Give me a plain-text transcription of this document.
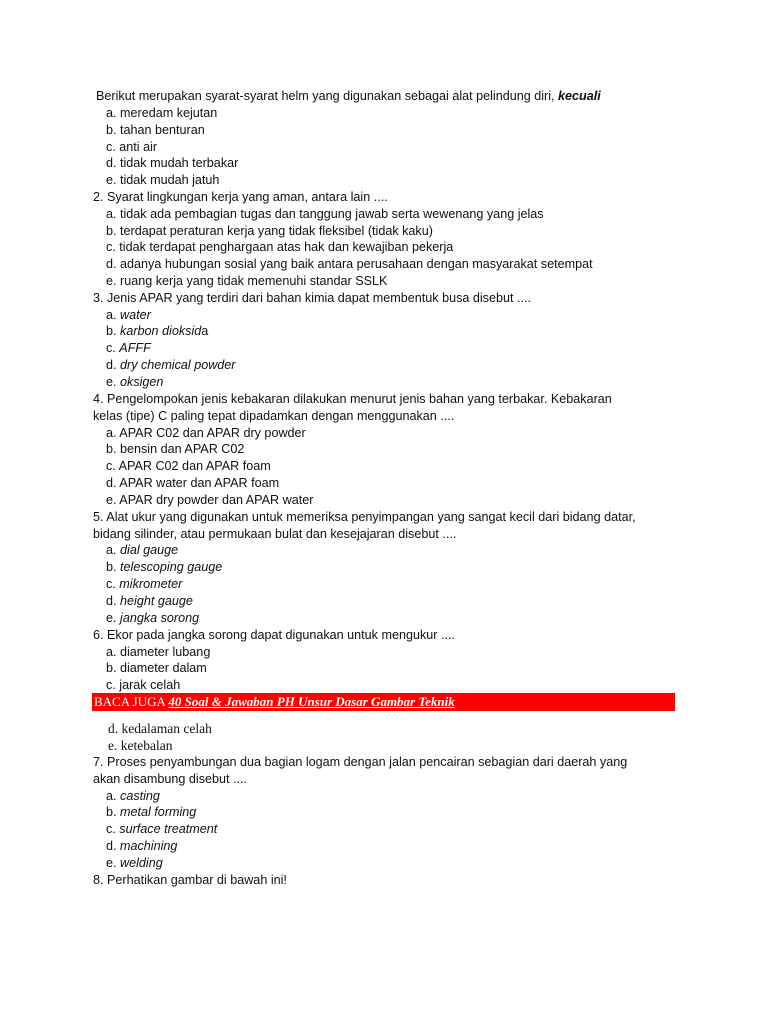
Berikut merupakan syarat-syarat helm yang digunakan sebagai alat pelindung diri, kecuali
a. meredam kejutan
b. tahan benturan
c. anti air
d. tidak mudah terbakar
e. tidak mudah jatuh
2. Syarat lingkungan kerja yang aman, antara lain ....
a. tidak ada pembagian tugas dan tanggung jawab serta wewenang yang jelas
b. terdapat peraturan kerja yang tidak fleksibel (tidak kaku)
c. tidak terdapat penghargaan atas hak dan kewajiban pekerja
d. adanya hubungan sosial yang baik antara perusahaan dengan masyarakat setempat
e. ruang kerja yang tidak memenuhi standar SSLK
3. Jenis APAR yang terdiri dari bahan kimia dapat membentuk busa disebut ....
a. water
b. karbon dioksida
c. AFFF
d. dry chemical powder
e. oksigen
4. Pengelompokan jenis kebakaran dilakukan menurut jenis bahan yang terbakar. Kebakaran
kelas (tipe) C paling tepat dipadamkan dengan menggunakan ....
a. APAR C02 dan APAR dry powder
b. bensin dan APAR C02
c. APAR C02 dan APAR foam
d. APAR water dan APAR foam
e. APAR dry powder dan APAR water
5. Alat ukur yang digunakan untuk memeriksa penyimpangan yang sangat kecil dari bidang datar,
bidang silinder, atau permukaan bulat dan kesejajaran disebut ....
a. dial gauge
b. telescoping gauge
c. mikrometer
d. height gauge
e. jangka sorong
6. Ekor pada jangka sorong dapat digunakan untuk mengukur ....
a. diameter lubang
b. diameter dalam
c. jarak celah
BACA JUGA 40 Soal & Jawaban PH Unsur Dasar Gambar Teknik
d. kedalaman celah
e. ketebalan
7. Proses penyambungan dua bagian logam dengan jalan pencairan sebagian dari daerah yang
akan disambung disebut ....
a. casting
b. metal forming
c. surface treatment
d. machining
e. welding
8. Perhatikan gambar di bawah ini!
